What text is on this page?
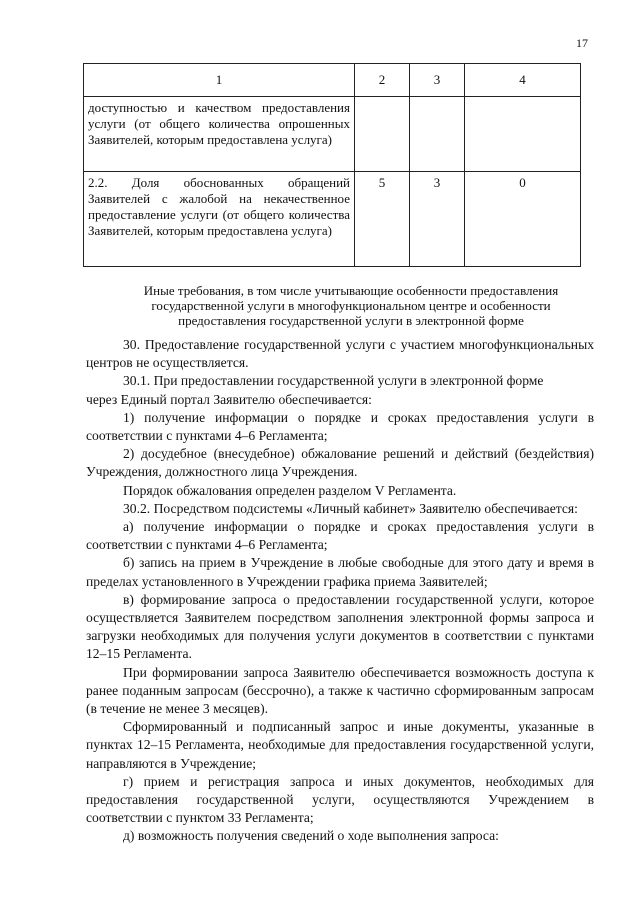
17
1	2	3	4

доступностью и качеством предоставления услуги (от общего количества опрошенных Заявителей, которым предоставлена услуга)			

2.2. Доля обоснованных обращений Заявителей с жалобой на некачественное предоставление услуги (от общего количества Заявителей, которым предоставлена услуга)	5	3	0
Иные требования, в том числе учитывающие особенности предоставления государственной услуги в многофункциональном центре и особенности предоставления государственной услуги в электронной форме

30. Предоставление государственной услуги с участием многофункциональных центров не осуществляется.

30.1. При предоставлении государственной услуги в электронной форме

через Единый портал Заявителю обеспечивается:

1) получение информации о порядке и сроках предоставления услуги в соответствии с пунктами 4–6 Регламента;

2) досудебное (внесудебное) обжалование решений и действий (бездействия) Учреждения, должностного лица Учреждения.

Порядок обжалования определен разделом V Регламента.

30.2. Посредством подсистемы «Личный кабинет» Заявителю обеспечивается:

а) получение информации о порядке и сроках предоставления услуги в соответствии с пунктами 4–6 Регламента;

б) запись на прием в Учреждение в любые свободные для этого дату и время в пределах установленного в Учреждении графика приема Заявителей;

в) формирование запроса о предоставлении государственной услуги, которое осуществляется Заявителем посредством заполнения электронной формы запроса и загрузки необходимых для получения услуги документов в соответствии с пунктами 12–15 Регламента.

При формировании запроса Заявителю обеспечивается возможность доступа к ранее поданным запросам (бессрочно), а также к частично сформированным запросам (в течение не менее 3 месяцев).

Сформированный и подписанный запрос и иные документы, указанные в пунктах 12–15 Регламента, необходимые для предоставления государственной услуги, направляются в Учреждение;

г) прием и регистрация запроса и иных документов, необходимых для предоставления государственной услуги, осуществляются Учреждением в соответствии с пунктом 33 Регламента;

д) возможность получения сведений о ходе выполнения запроса:
